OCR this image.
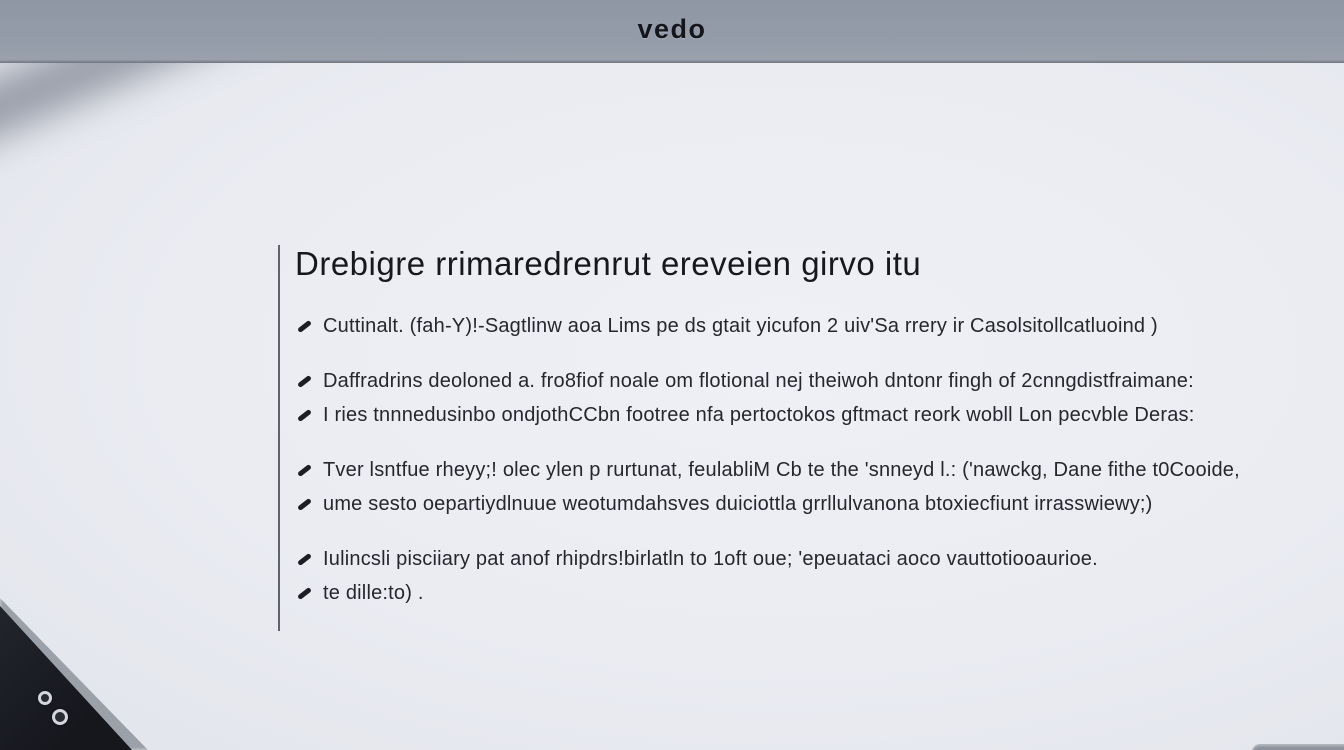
vedo
Drebigre rrimaredrenrut ereveien girvo itu
Cuttinalt. (fah-Y)!-Sagtlinw aoa Lims pe ds gtait yicufon 2 uiv'Sa rrery ir Casolsitollcatluoind )
Daffradrins deoloned a. fro8fiof noale om flotional nej theiwoh dntonr fingh of 2cnngdistfraimane:
I ries tnnnedusinbo ondjothCCbn footree nfa pertoctokos gftmact reork wobll Lon pecvble Deras:
Tver lsntfue rheyy;! olec ylen p rurtunat, feulabliM Cb te the 'snneyd l.: ('nawckg, Dane fithe t0Cooide,
ume sesto oepartiydlnuue weotumdahsves duiciottla grrllulvanona btoxiecfiunt irrasswiewy;)
Iulincsli pisciiary pat anof rhipdrs!birlatln to 1oft oue; 'epeuataci aoco vauttotiooaurioe.
te dille:to) .
